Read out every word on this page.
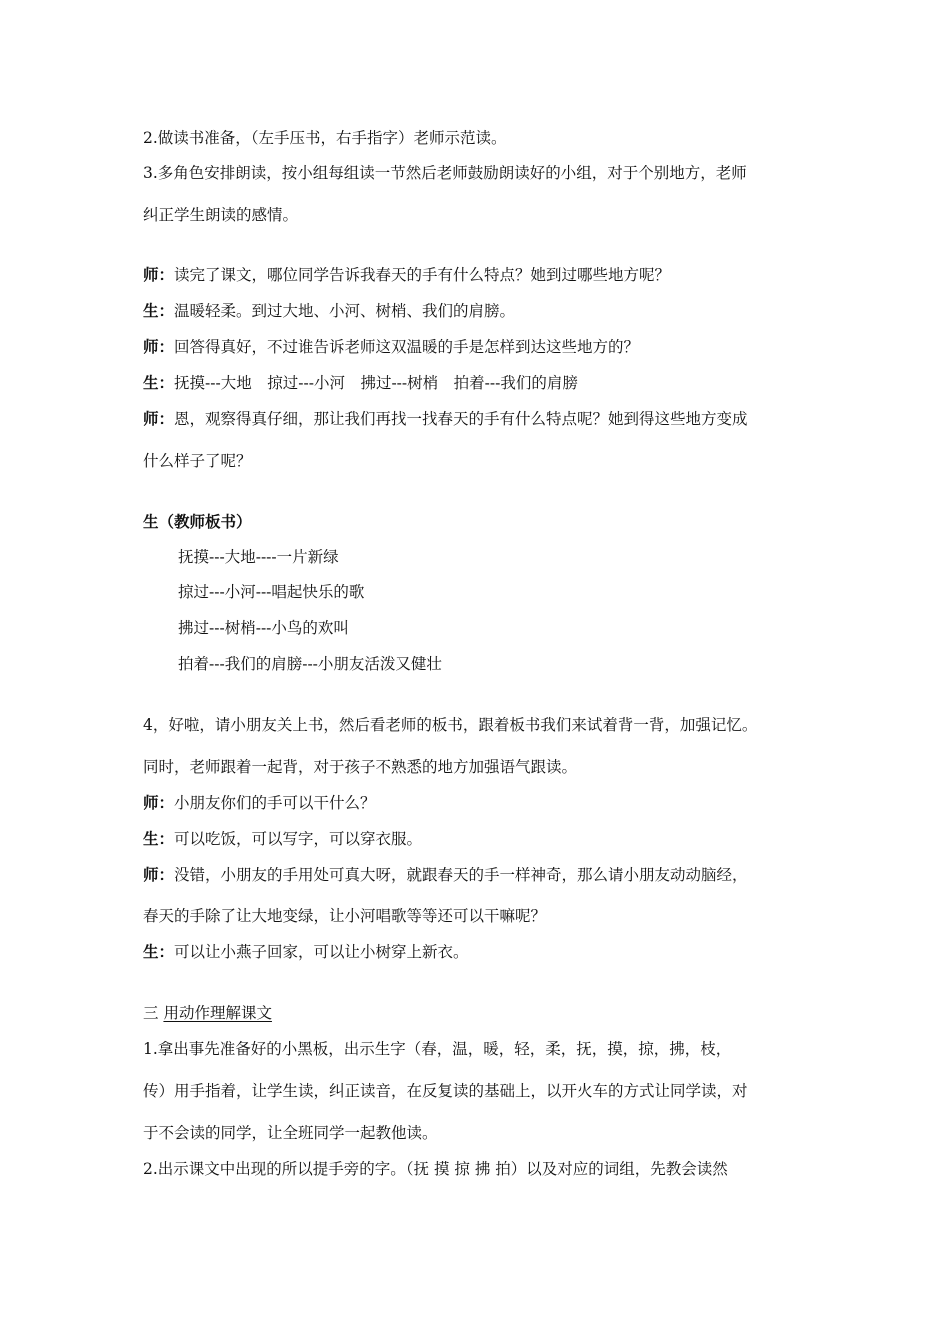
2.做读书准备，（左手压书，右手指字）老师示范读。
3.多角色安排朗读，按小组每组读一节然后老师鼓励朗读好的小组，对于个别地方，老师
纠正学生朗读的感情。
师：读完了课文，哪位同学告诉我春天的手有什么特点？她到过哪些地方呢？
生：温暖轻柔。到过大地、小河、树梢、我们的肩膀。
师：回答得真好，不过谁告诉老师这双温暖的手是怎样到达这些地方的？
生：抚摸---大地　掠过---小河　拂过---树梢　拍着---我们的肩膀
师：恩，观察得真仔细，那让我们再找一找春天的手有什么特点呢？她到得这些地方变成
什么样子了呢？
生（教师板书）
抚摸---大地----一片新绿
掠过---小河---唱起快乐的歌
拂过---树梢---小鸟的欢叫
拍着---我们的肩膀---小朋友活泼又健壮
4，好啦，请小朋友关上书，然后看老师的板书，跟着板书我们来试着背一背，加强记忆。
同时，老师跟着一起背，对于孩子不熟悉的地方加强语气跟读。
师：小朋友你们的手可以干什么？
生：可以吃饭，可以写字，可以穿衣服。
师：没错，小朋友的手用处可真大呀，就跟春天的手一样神奇，那么请小朋友动动脑经，
春天的手除了让大地变绿，让小河唱歌等等还可以干嘛呢？
生：可以让小燕子回家，可以让小树穿上新衣。
三 用动作理解课文
1.拿出事先准备好的小黑板，出示生字（春，温，暖，轻，柔，抚，摸，掠，拂，枝，
传）用手指着，让学生读，纠正读音，在反复读的基础上，以开火车的方式让同学读，对
于不会读的同学，让全班同学一起教他读。
2.出示课文中出现的所以提手旁的字。（抚 摸 掠 拂 拍）以及对应的词组，先教会读然
